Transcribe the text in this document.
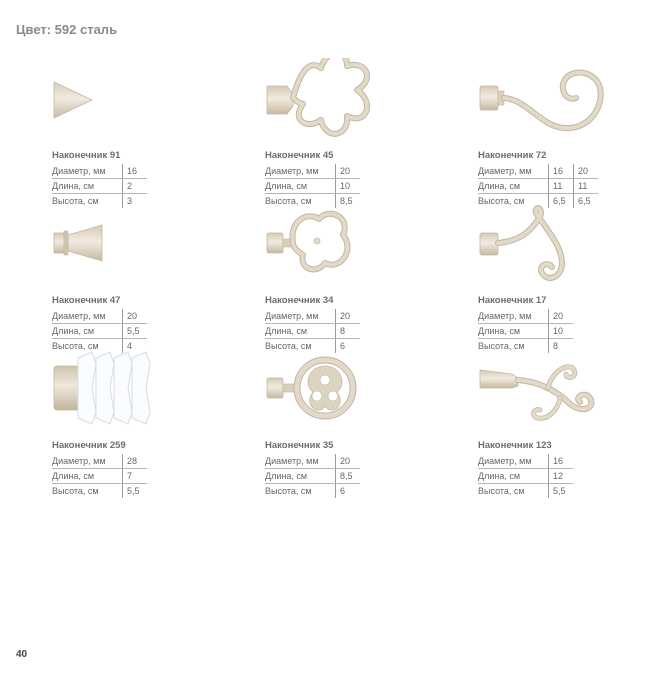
Цвет: 592 сталь
Наконечник 91
Диаметр, мм	16
Длина, см	2
Высота, см	3
Наконечник 45
Диаметр, мм	20
Длина, см	10
Высота, см	8,5
Наконечник 72
Диаметр, мм	16	20
Длина, см	11	11
Высота, см	6,5	6,5
Наконечник 47
Диаметр, мм	20
Длина, см	5,5
Высота, см	4
Наконечник 34
Диаметр, мм	20
Длина, см	8
Высота, см	6
Наконечник 17
Диаметр, мм	20
Длина, см	10
Высота, см	8
Наконечник 259
Диаметр, мм	28
Длина, см	7
Высота, см	5,5
Наконечник 35
Диаметр, мм	20
Длина, см	8,5
Высота, см	6
Наконечник 123
Диаметр, мм	16
Длина, см	12
Высота, см	5,5
40
